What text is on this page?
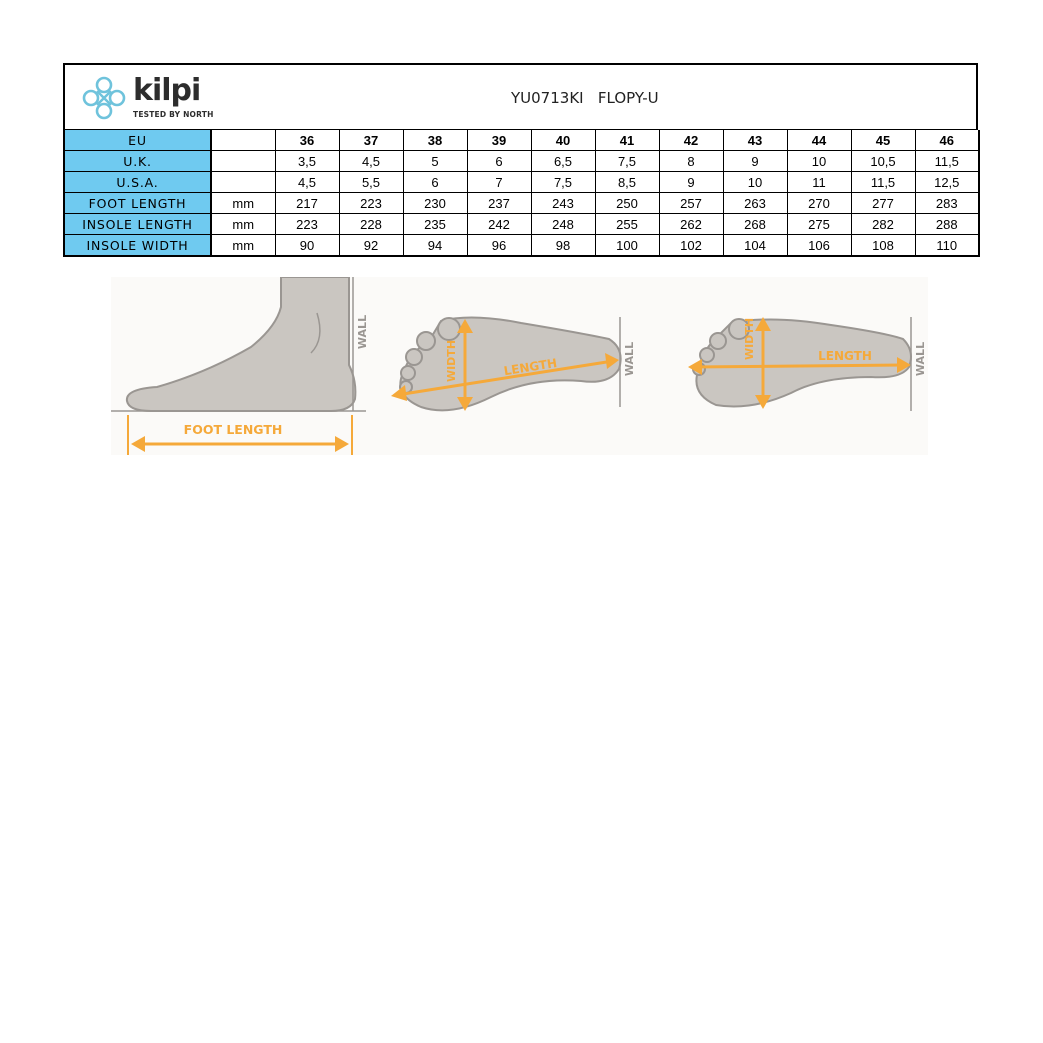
kilpi
TESTED BY NORTH
YU0713KI   FLOPY-U
EU		36	37	38	39	40	41	42	43	44	45	46
U.K.		3,5	4,5	5	6	6,5	7,5	8	9	10	10,5	11,5
U.S.A.		4,5	5,5	6	7	7,5	8,5	9	10	11	11,5	12,5
FOOT LENGTH	mm	217	223	230	237	243	250	257	263	270	277	283
INSOLE LENGTH	mm	223	228	235	242	248	255	262	268	275	282	288
INSOLE WIDTH	mm	90	92	94	96	98	100	102	104	106	108	110
FOOT LENGTH
WALL
WIDTH	LENGTH	WALL	WIDTH	LENGTH	WALL
